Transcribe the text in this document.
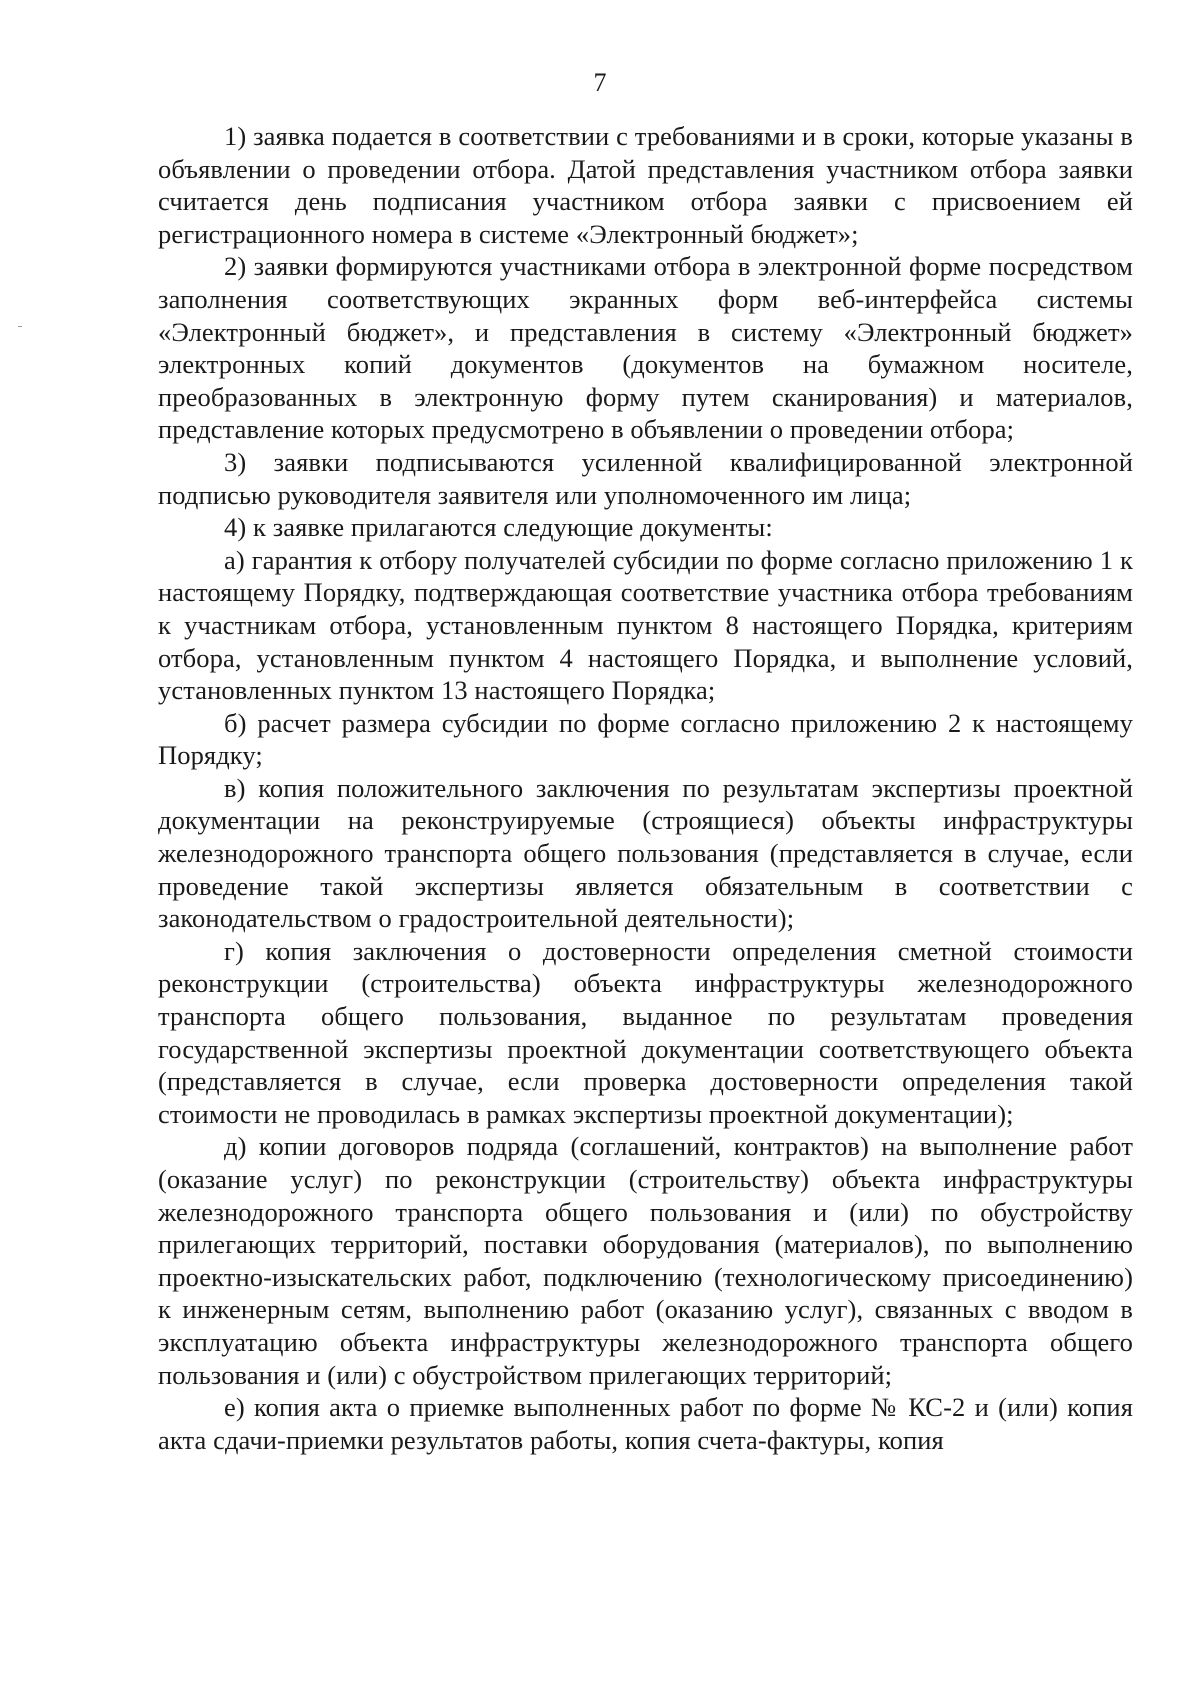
7

1) заявка подается в соответствии с требованиями и в сроки, которые указаны в объявлении о проведении отбора. Датой представления участником отбора заявки считается день подписания участником отбора заявки с присвоением ей регистрационного номера в системе «Электронный бюджет»;

2) заявки формируются участниками отбора в электронной форме посредством заполнения соответствующих экранных форм веб-интерфейса системы «Электронный бюджет», и представления в систему «Электронный бюджет» электронных копий документов (документов на бумажном носителе, преобразованных в электронную форму путем сканирования) и материалов, представление которых предусмотрено в объявлении о проведении отбора;

3) заявки подписываются усиленной квалифицированной электронной подписью руководителя заявителя или уполномоченного им лица;

4) к заявке прилагаются следующие документы:

а) гарантия к отбору получателей субсидии по форме согласно приложению 1 к настоящему Порядку, подтверждающая соответствие участника отбора требованиям к участникам отбора, установленным пунктом 8 настоящего Порядка, критериям отбора, установленным пунктом 4 настоящего Порядка, и выполнение условий, установленных пунктом 13 настоящего Порядка;

б) расчет размера субсидии по форме согласно приложению 2 к настоящему Порядку;

в) копия положительного заключения по результатам экспертизы проектной документации на реконструируемые (строящиеся) объекты инфраструктуры железнодорожного транспорта общего пользования (представляется в случае, если проведение такой экспертизы является обязательным в соответствии с законодательством о градостроительной деятельности);

г) копия заключения о достоверности определения сметной стоимости реконструкции (строительства) объекта инфраструктуры железнодорожного транспорта общего пользования, выданное по результатам проведения государственной экспертизы проектной документации соответствующего объекта (представляется в случае, если проверка достоверности определения такой стоимости не проводилась в рамках экспертизы проектной документации);

д) копии договоров подряда (соглашений, контрактов) на выполнение работ (оказание услуг) по реконструкции (строительству) объекта инфраструктуры железнодорожного транспорта общего пользования и (или) по обустройству прилегающих территорий, поставки оборудования (материалов), по выполнению проектно-изыскательских работ, подключению (технологическому присоединению) к инженерным сетям, выполнению работ (оказанию услуг), связанных с вводом в эксплуатацию объекта инфраструктуры железнодорожного транспорта общего пользования и (или) с обустройством прилегающих территорий;

е) копия акта о приемке выполненных работ по форме № КС-2 и (или) копия акта сдачи-приемки результатов работы, копия счета-фактуры, копия
